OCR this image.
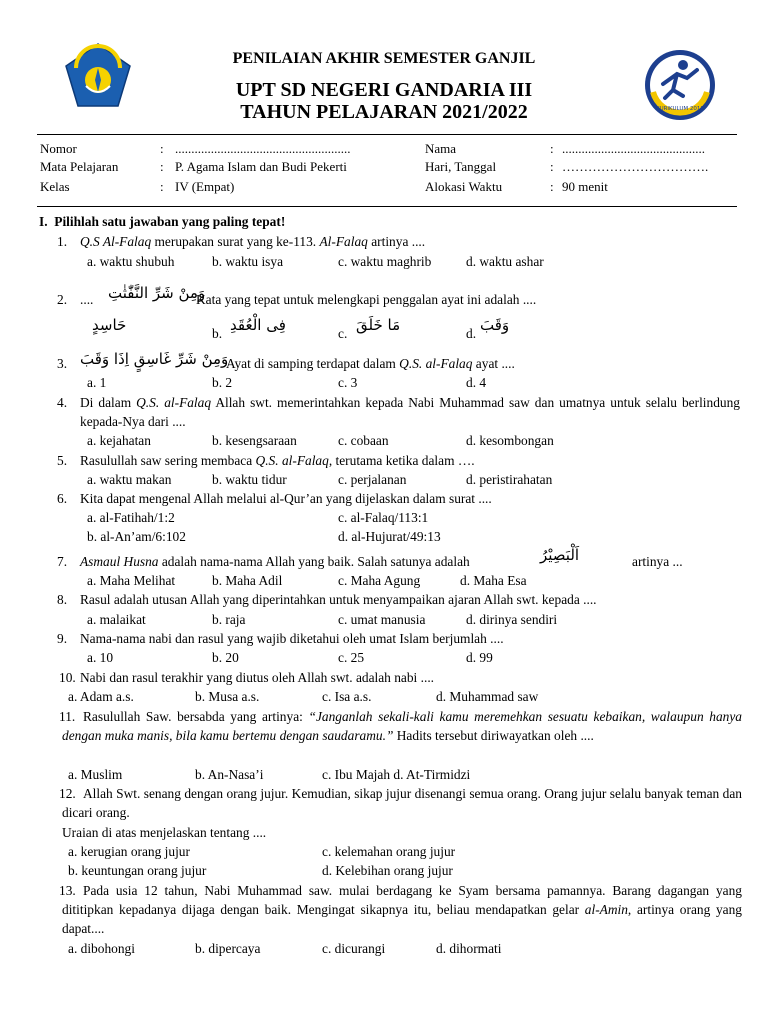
KURIKULUM 2013
PENILAIAN AKHIR SEMESTER GANJIL
UPT SD NEGERI GANDARIA III
TAHUN PELAJARAN 2021/2022
Nomor	: ......................................................	Nama	: ............................................
Mata Pelajaran	: P. Agama Islam dan Budi Pekerti	Hari, Tanggal	: …………………………….
Kelas	: IV (Empat)	Alokasi Waktu	: 90 menit
I. Pilihlah satu jawaban yang paling tepat!
1. Q.S Al-Falaq merupakan surat yang ke-113. Al-Falaq artinya ....
a. waktu shubuh	b. waktu isya	c. waktu maghrib	d. waktu ashar
2. .... وَمِنْ شَرِّ النَّفّٰثٰتِ
Kata yang tepat untuk melengkapi penggalan ayat ini adalah ....
حَاسِدٍ	b. فِى الْعُقَدِ	c. مَا خَلَقَ	d. وَقَبَ
3. وَمِنْ شَرِّ غَاسِقٍ اِذَا وَقَبَ
Ayat di samping terdapat dalam Q.S. al-Falaq ayat ....
a. 1	b. 2	c. 3	d. 4
4. Di dalam Q.S. al-Falaq Allah swt. memerintahkan kepada Nabi Muhammad saw dan umatnya untuk selalu berlindung kepada-Nya dari ....
a. kejahatan	b. kesengsaraan	c. cobaan	d. kesombongan
5. Rasulullah saw sering membaca Q.S. al-Falaq, terutama ketika dalam ….
a. waktu makan	b. waktu tidur	c. perjalanan	d. peristirahatan
6. Kita dapat mengenal Allah melalui al-Qur’an yang dijelaskan dalam surat ....
a. al-Fatihah/1:2	c. al-Falaq/113:1
b. al-An’am/6:102	d. al-Hujurat/49:13
7. Asmaul Husna adalah nama-nama Allah yang baik. Salah satunya adalah	اَلْبَصِيْرُ	artinya ...
a. Maha Melihat	b. Maha Adil	c. Maha Agung	d. Maha Esa
8. Rasul adalah utusan Allah yang diperintahkan untuk menyampaikan ajaran Allah swt. kepada ....
a. malaikat	b. raja	c. umat manusia	d. dirinya sendiri
9. Nama-nama nabi dan rasul yang wajib diketahui oleh umat Islam berjumlah ....
a. 10	b. 20	c. 25	d. 99
10. Nabi dan rasul terakhir yang diutus oleh Allah swt. adalah nabi ....
a. Adam a.s.	b. Musa a.s.	c. Isa a.s.	d. Muhammad saw
11. Rasulullah Saw. bersabda yang artinya: “Janganlah sekali-kali kamu meremehkan sesuatu kebaikan, walaupun hanya dengan muka manis, bila kamu bertemu dengan saudaramu.” Hadits tersebut diriwayatkan oleh ....
a. Muslim	b. An-Nasa’i	c. Ibu Majah d. At-Tirmidzi
12. Allah Swt. senang dengan orang jujur. Kemudian, sikap jujur disenangi semua orang. Orang jujur selalu banyak teman dan dicari orang.
Uraian di atas menjelaskan tentang ....
a. kerugian orang jujur	c. kelemahan orang jujur
b. keuntungan orang jujur	d. Kelebihan orang jujur
13. Pada usia 12 tahun, Nabi Muhammad saw. mulai berdagang ke Syam bersama pamannya. Barang dagangan yang dititipkan kepadanya dijaga dengan baik. Mengingat sikapnya itu, beliau mendapatkan gelar al-Amin, artinya orang yang dapat....
a. dibohongi	b. dipercaya	c. dicurangi	d. dihormati
